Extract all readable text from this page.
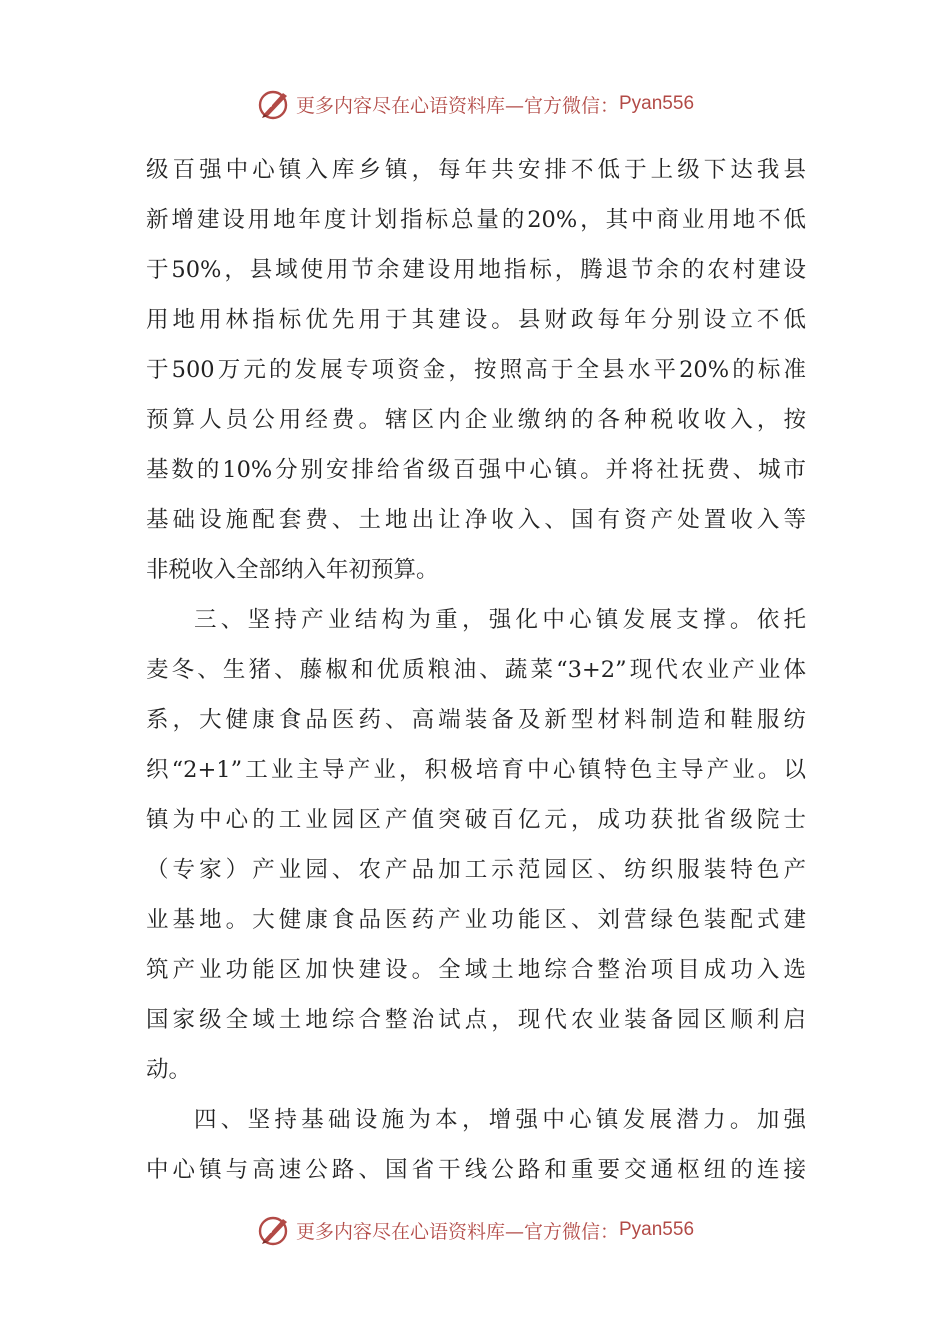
更多内容尽在心语资料库—官方微信： Pyan556
级百强中心镇入库乡镇，每年共安排不低于上级下达我县
新增建设用地年度计划指标总量的20%，其中商业用地不低
于50%，县域使用节余建设用地指标，腾退节余的农村建设
用地用林指标优先用于其建设。县财政每年分别设立不低
于500万元的发展专项资金，按照高于全县水平20%的标准
预算人员公用经费。辖区内企业缴纳的各种税收收入，按
基数的10%分别安排给省级百强中心镇。并将社抚费、城市
基础设施配套费、土地出让净收入、国有资产处置收入等
非税收入全部纳入年初预算。
三、坚持产业结构为重，强化中心镇发展支撑。依托
麦冬、生猪、藤椒和优质粮油、蔬菜“3+2”现代农业产业体
系，大健康食品医药、高端装备及新型材料制造和鞋服纺
织“2+1”工业主导产业，积极培育中心镇特色主导产业。以
镇为中心的工业园区产值突破百亿元，成功获批省级院士
（专家）产业园、农产品加工示范园区、纺织服装特色产
业基地。大健康食品医药产业功能区、刘营绿色装配式建
筑产业功能区加快建设。全域土地综合整治项目成功入选
国家级全域土地综合整治试点，现代农业装备园区顺利启
动。
四、坚持基础设施为本，增强中心镇发展潜力。加强
中心镇与高速公路、国省干线公路和重要交通枢纽的连接
更多内容尽在心语资料库—官方微信： Pyan556
